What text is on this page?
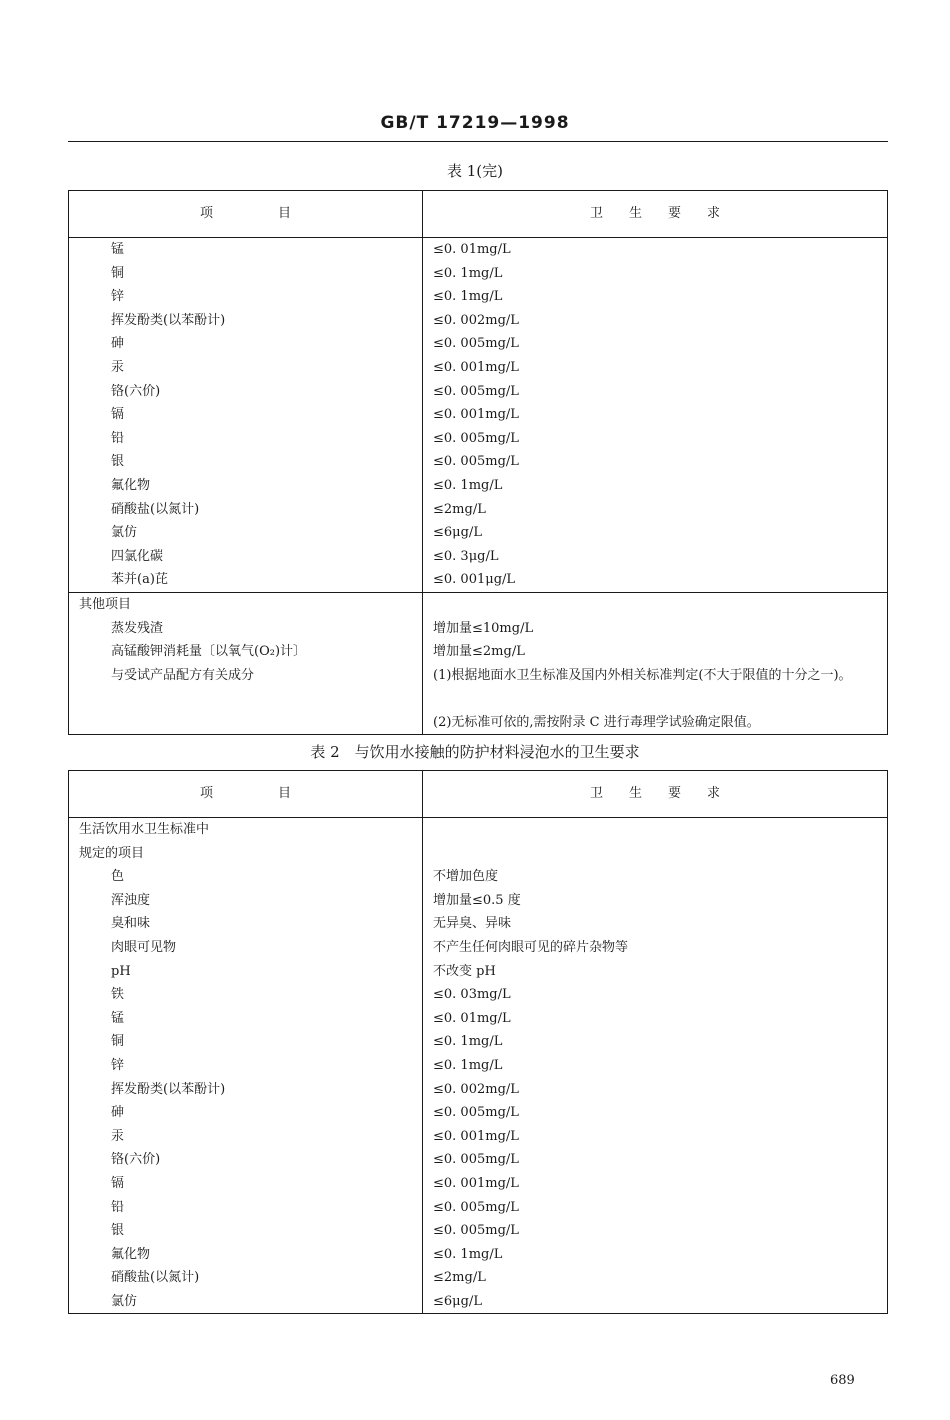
GB/T 17219—1998
表 1(完)
项　　　　　目	卫　　生　　要　　求
锰	≤0. 01mg/L
铜	≤0. 1mg/L
锌	≤0. 1mg/L
挥发酚类(以苯酚计)	≤0. 002mg/L
砷	≤0. 005mg/L
汞	≤0. 001mg/L
铬(六价)	≤0. 005mg/L
镉	≤0. 001mg/L
铅	≤0. 005mg/L
银	≤0. 005mg/L
氟化物	≤0. 1mg/L
硝酸盐(以氮计)	≤2mg/L
氯仿	≤6μg/L
四氯化碳	≤0. 3μg/L
苯并(a)芘	≤0. 001μg/L
其他项目
蒸发残渣	增加量≤10mg/L
高锰酸钾消耗量〔以氧气(O₂)计〕	增加量≤2mg/L
与受试产品配方有关成分	(1)根据地面水卫生标准及国内外相关标准判定(不大于限值的十分之一)。
(2)无标准可依的,需按附录 C 进行毒理学试验确定限值。
表 2　与饮用水接触的防护材料浸泡水的卫生要求
项　　　　　目	卫　　生　　要　　求
生活饮用水卫生标准中
规定的项目
色	不增加色度
浑浊度	增加量≤0.5 度
臭和味	无异臭、异味
肉眼可见物	不产生任何肉眼可见的碎片杂物等
pH	不改变 pH
铁	≤0. 03mg/L
锰	≤0. 01mg/L
铜	≤0. 1mg/L
锌	≤0. 1mg/L
挥发酚类(以苯酚计)	≤0. 002mg/L
砷	≤0. 005mg/L
汞	≤0. 001mg/L
铬(六价)	≤0. 005mg/L
镉	≤0. 001mg/L
铅	≤0. 005mg/L
银	≤0. 005mg/L
氟化物	≤0. 1mg/L
硝酸盐(以氮计)	≤2mg/L
氯仿	≤6μg/L
689
